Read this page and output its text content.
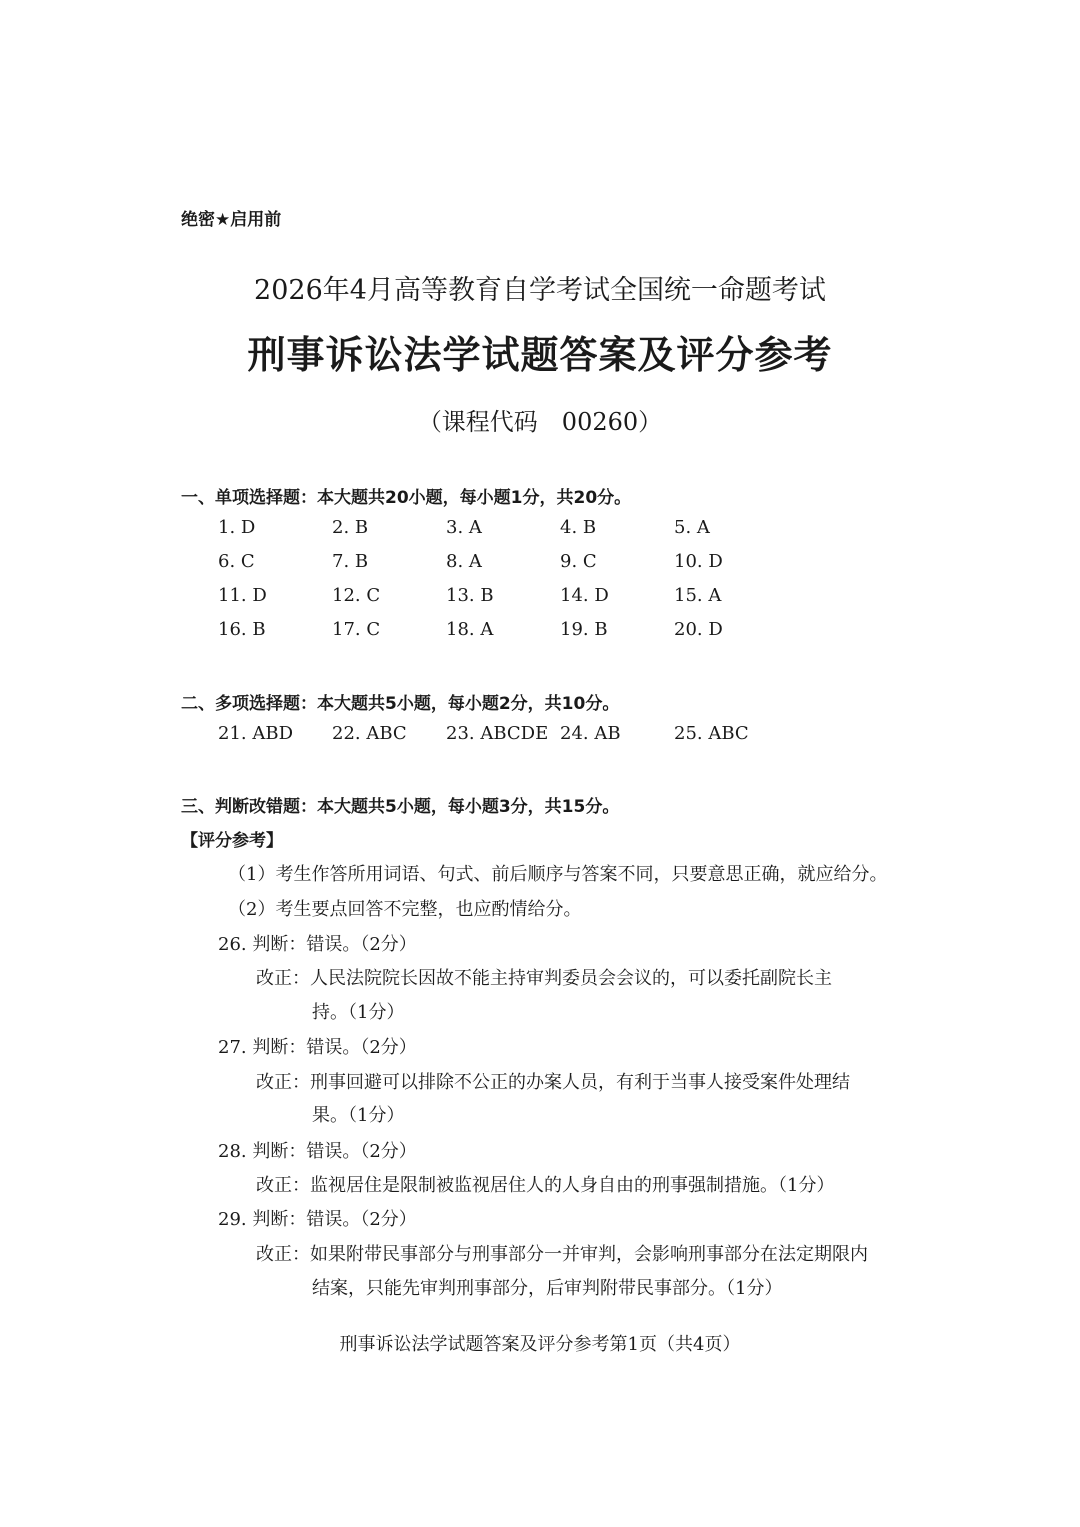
绝密★启用前
2026年4月高等教育自学考试全国统一命题考试
刑事诉讼法学试题答案及评分参考
（课程代码　00260）
一、单项选择题：本大题共20小题，每小题1分，共20分。
1. D	2. B	3. A	4. B	5. A
6. C	7. B	8. A	9. C	10. D
11. D	12. C	13. B	14. D	15. A
16. B	17. C	18. A	19. B	20. D
二、多项选择题：本大题共5小题，每小题2分，共10分。
21. ABD	22. ABC	23. ABCDE 24. AB	25. ABC
三、判断改错题：本大题共5小题，每小题3分，共15分。
【评分参考】
（1）考生作答所用词语、句式、前后顺序与答案不同，只要意思正确，就应给分。
（2）考生要点回答不完整，也应酌情给分。
26. 判断：错误。（2分）
改正：人民法院院长因故不能主持审判委员会会议的，可以委托副院长主
持。（1分）
27. 判断：错误。（2分）
改正：刑事回避可以排除不公正的办案人员，有利于当事人接受案件处理结
果。（1分）
28. 判断：错误。（2分）
改正：监视居住是限制被监视居住人的人身自由的刑事强制措施。（1分）
29. 判断：错误。（2分）
改正：如果附带民事部分与刑事部分一并审判，会影响刑事部分在法定期限内
结案，只能先审判刑事部分，后审判附带民事部分。（1分）
刑事诉讼法学试题答案及评分参考第1页（共4页）
